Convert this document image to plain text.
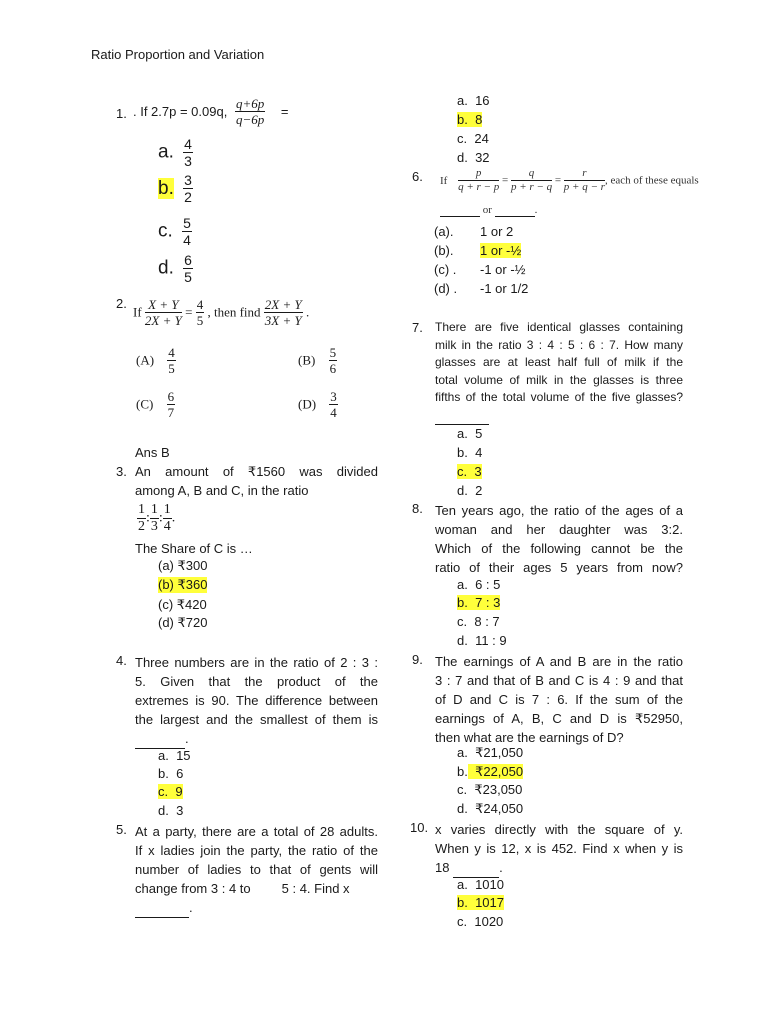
Ratio Proportion and Variation
1. . If 2.7p = 0.09q, $\frac{q+6p}{q-6p}$ =
a. $\frac{4}{3}$
b. $\frac{3}{2}$
c. $\frac{5}{4}$
d. $\frac{6}{5}$
2.
If $\frac{X + Y}{2X + Y} = \frac{4}{5}$ , then find $\frac{2X + Y}{3X + Y}$ .
$(A) \frac{4}{5}$	$(B) \frac{5}{6}$
$(C) \frac{6}{7}$	$(D) \frac{3}{4}$
Ans B
3. An amount of ₹1560 was divided
among A, B and C, in the ratio
$\frac{1}{2}$ : $\frac{1}{3}$ : $\frac{1}{4}$ .
The Share of C is …
(a) ₹300
(b) ₹360
(c) ₹420
(d) ₹720
4. Three numbers are in the ratio of 2 : 3 :
5. Given that the product of the
extremes is 90. The difference between
the largest and the smallest of them is
.
a. 15
b. 6
c. 9
d. 3
5. At a party, there are a total of 28 adults.
If x ladies join the party, the ratio of the
number of ladies to that of gents will
change from 3 : 4 to 5 : 4. Find x
.
a. 16
b. 8
c. 24
d. 32
6. If $\frac{p}{q + r - p} = \frac{q}{p + r - q} = \frac{r}{p + q - r}$ , each of these equals
or	.
(a). 1 or 2
(b). 1 or -½
(c) . -1 or -½
(d) . -1 or 1/2
7. There are five identical glasses containing
milk in the ratio 3 : 4 : 5 : 6 : 7. How many
glasses are at least half full of milk if the
total volume of milk in the glasses is three
fifths of the total volume of the five glasses?

a. 5
b. 4
c. 3
d. 2
8. Ten years ago, the ratio of the ages of a
woman and her daughter was 3:2.
Which of the following cannot be the
ratio of their ages 5 years from now?
a. 6 : 5
b. 7 : 3
c. 8 : 7
d. 11 : 9
9. The earnings of A and B are in the ratio
3 : 7 and that of B and C is 4 : 9 and that
of D and C is 7 : 6. If the sum of the
earnings of A, B, C and D is ₹52950,
then what are the earnings of D?
a. ₹21,050
b. ₹22,050
c. ₹23,050
d. ₹24,050
10. x varies directly with the square of y.
When y is 12, x is 452. Find x when y is
18	.
a. 1010
b. 1017
c. 1020
